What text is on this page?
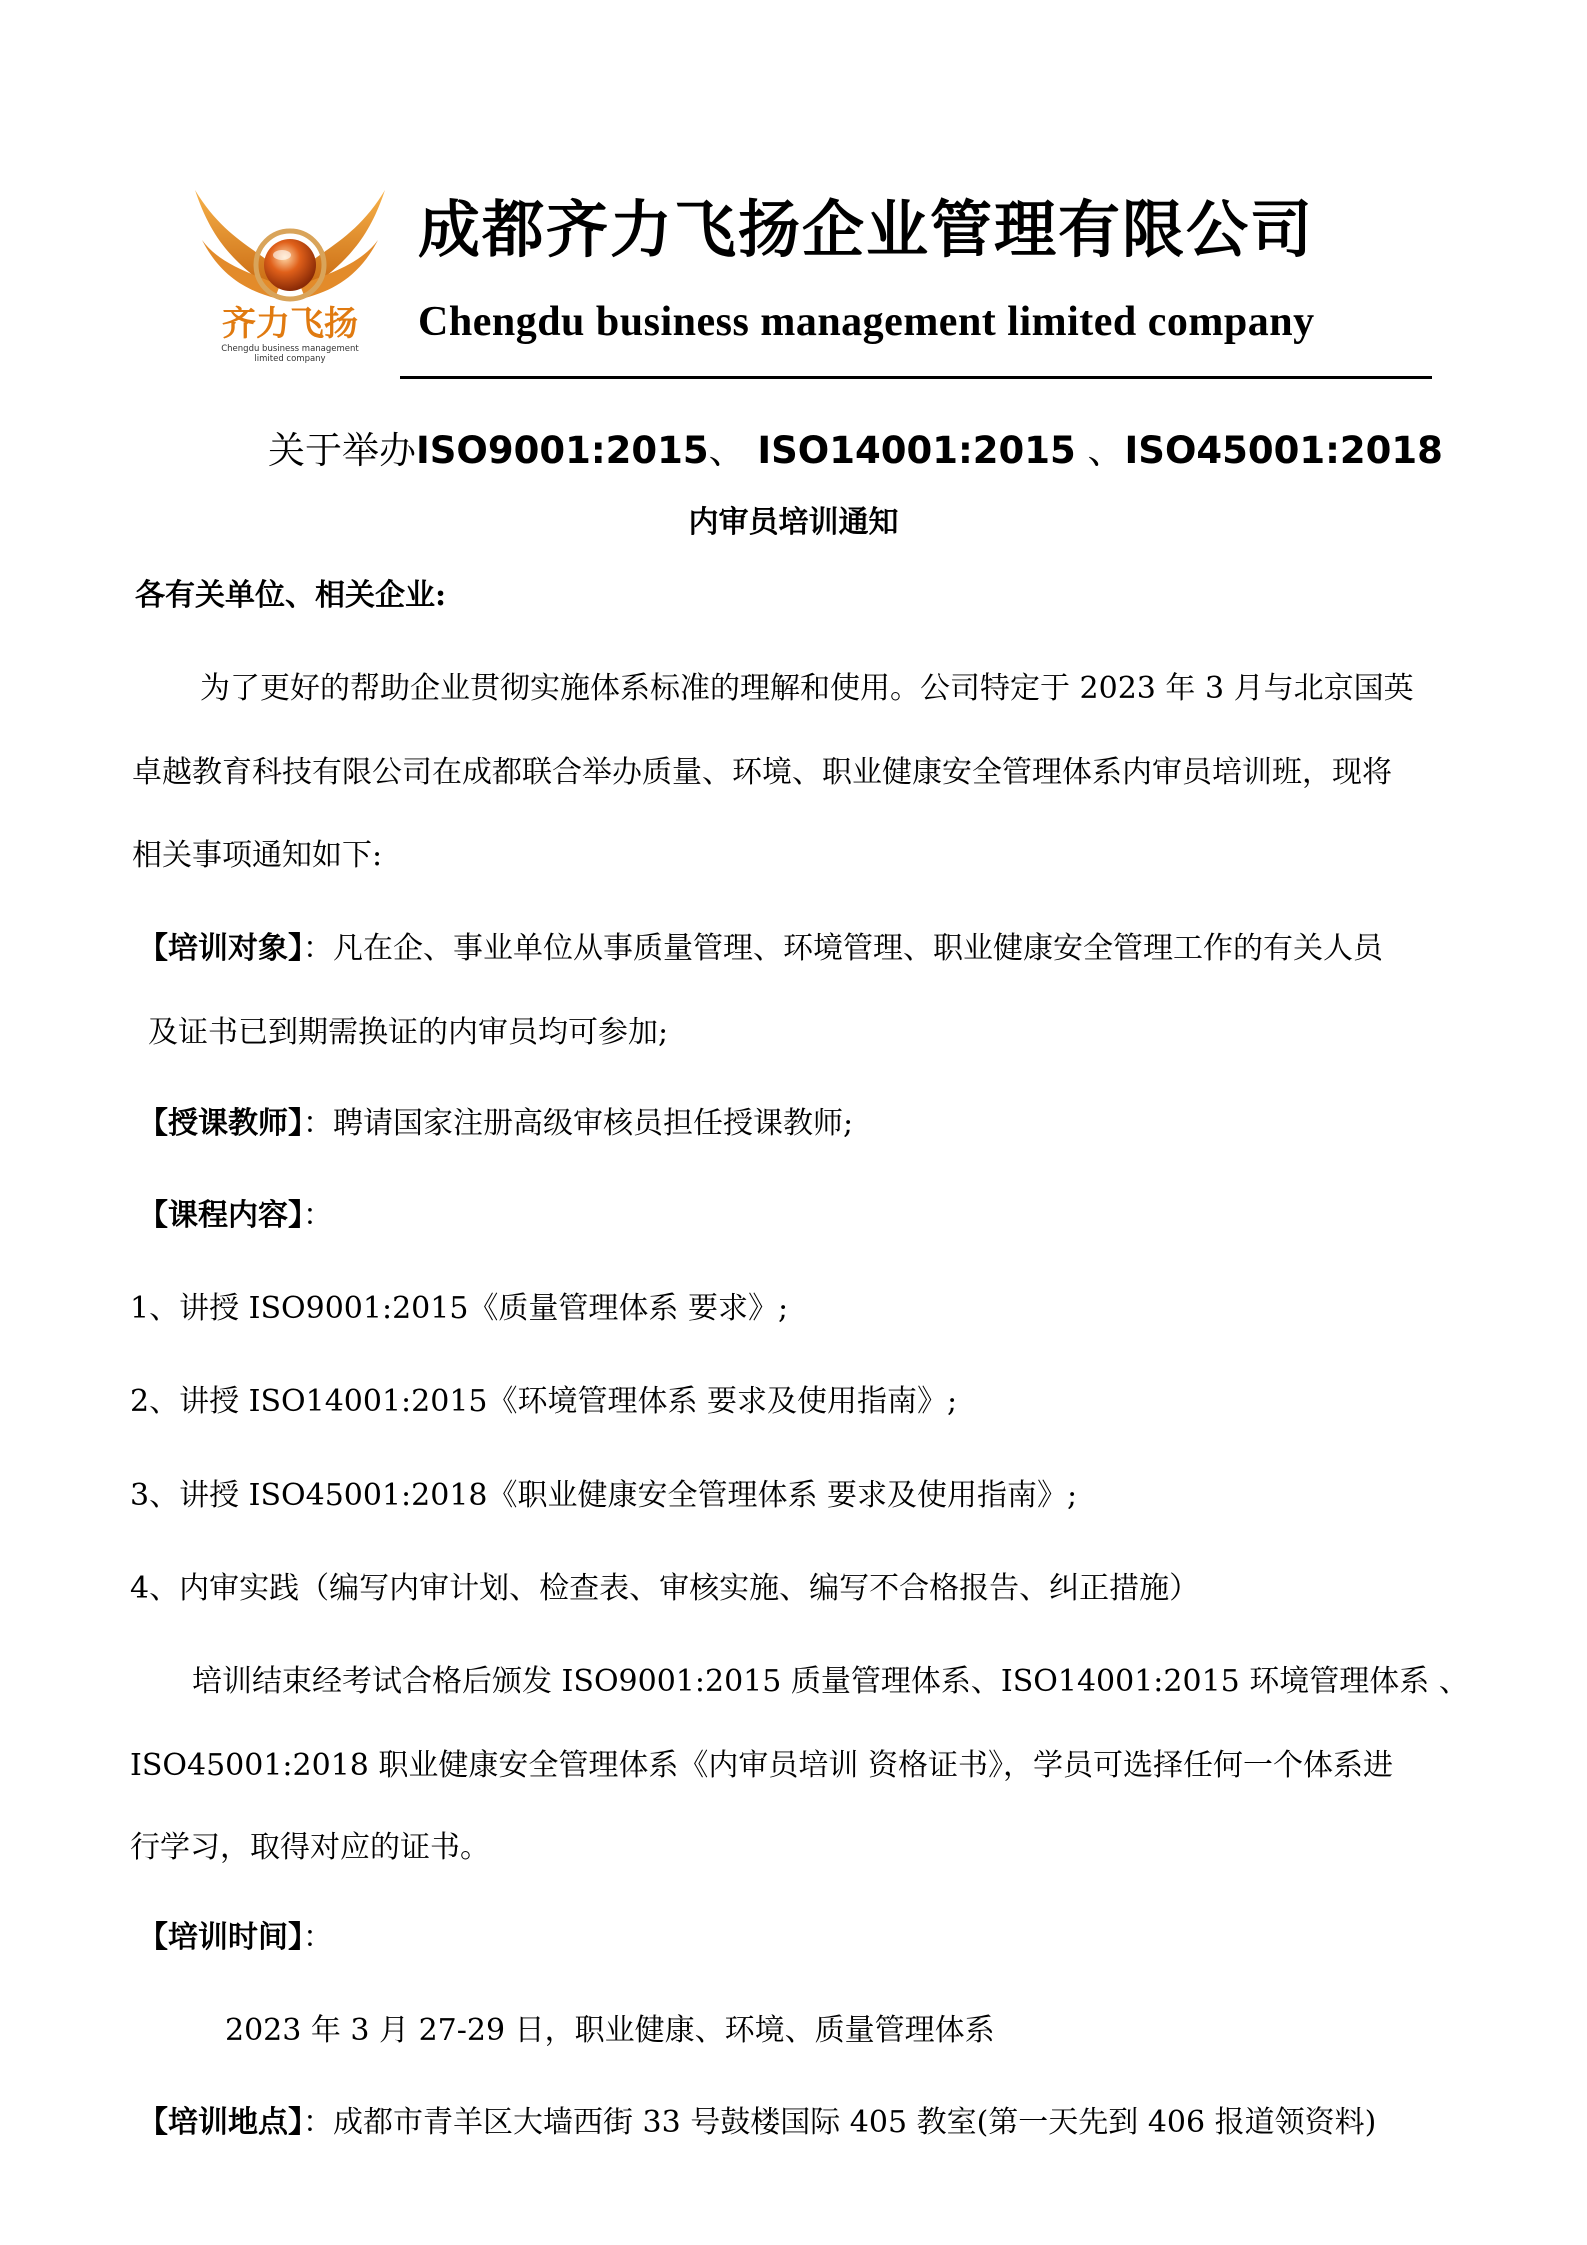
齐力飞扬
Chengdu business management
limited company
成都齐力飞扬企业管理有限公司
Chengdu business management limited company
关于举办ISO9001:2015、 ISO14001:2015 、ISO45001:2018
内审员培训通知
各有关单位、相关企业:
为了更好的帮助企业贯彻实施体系标准的理解和使用。公司特定于 2023 年 3 月与北京国英
卓越教育科技有限公司在成都联合举办质量、环境、职业健康安全管理体系内审员培训班，现将
相关事项通知如下:
【培训对象】：凡在企、事业单位从事质量管理、环境管理、职业健康安全管理工作的有关人员
及证书已到期需换证的内审员均可参加;
【授课教师】：聘请国家注册高级审核员担任授课教师;
【课程内容】：
1、讲授 ISO9001:2015《质量管理体系 要求》;
2、讲授 ISO14001:2015《环境管理体系 要求及使用指南》;
3、讲授 ISO45001:2018《职业健康安全管理体系 要求及使用指南》;
4、内审实践（编写内审计划、检查表、审核实施、编写不合格报告、纠正措施）
培训结束经考试合格后颁发 ISO9001:2015 质量管理体系、ISO14001:2015 环境管理体系 、
ISO45001:2018 职业健康安全管理体系《内审员培训 资格证书》，学员可选择任何一个体系进
行学习，取得对应的证书。
【培训时间】：
2023 年 3 月 27-29 日，职业健康、环境、质量管理体系
【培训地点】：成都市青羊区大墙西街 33 号鼓楼国际 405 教室(第一天先到 406 报道领资料)
